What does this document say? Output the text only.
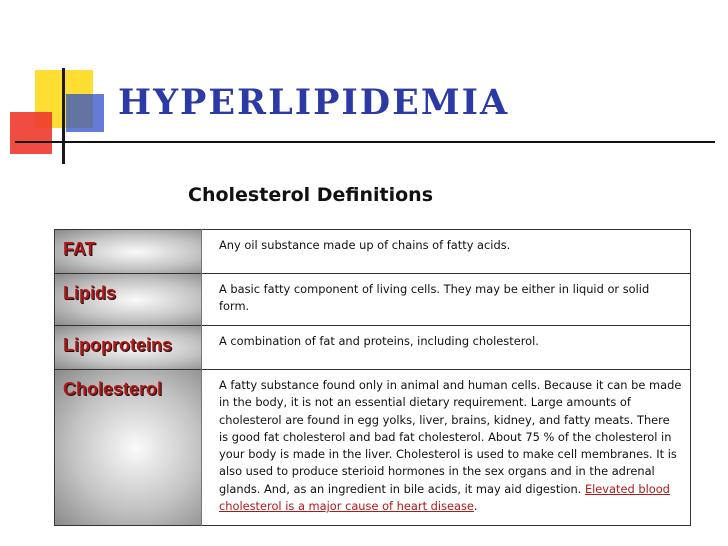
HYPERLIPIDEMIA
Cholesterol Definitions
FAT	Any oil substance made up of chains of fatty acids.

Lipids	A basic fatty component of living cells. They may be either in liquid or solid form.

Lipoproteins	A combination of fat and proteins, including cholesterol.

Cholesterol	A fatty substance found only in animal and human cells. Because it can be made in the body, it is not an essential dietary requirement. Large amounts of cholesterol are found in egg yolks, liver, brains, kidney, and fatty meats. There is good fat cholesterol and bad fat cholesterol. About 75 % of the cholesterol in your body is made in the liver. Cholesterol is used to make cell membranes. It is also used to produce sterioid hormones in the sex organs and in the adrenal glands. And, as an ingredient in bile acids, it may aid digestion. Elevated blood cholesterol is a major cause of heart disease.
